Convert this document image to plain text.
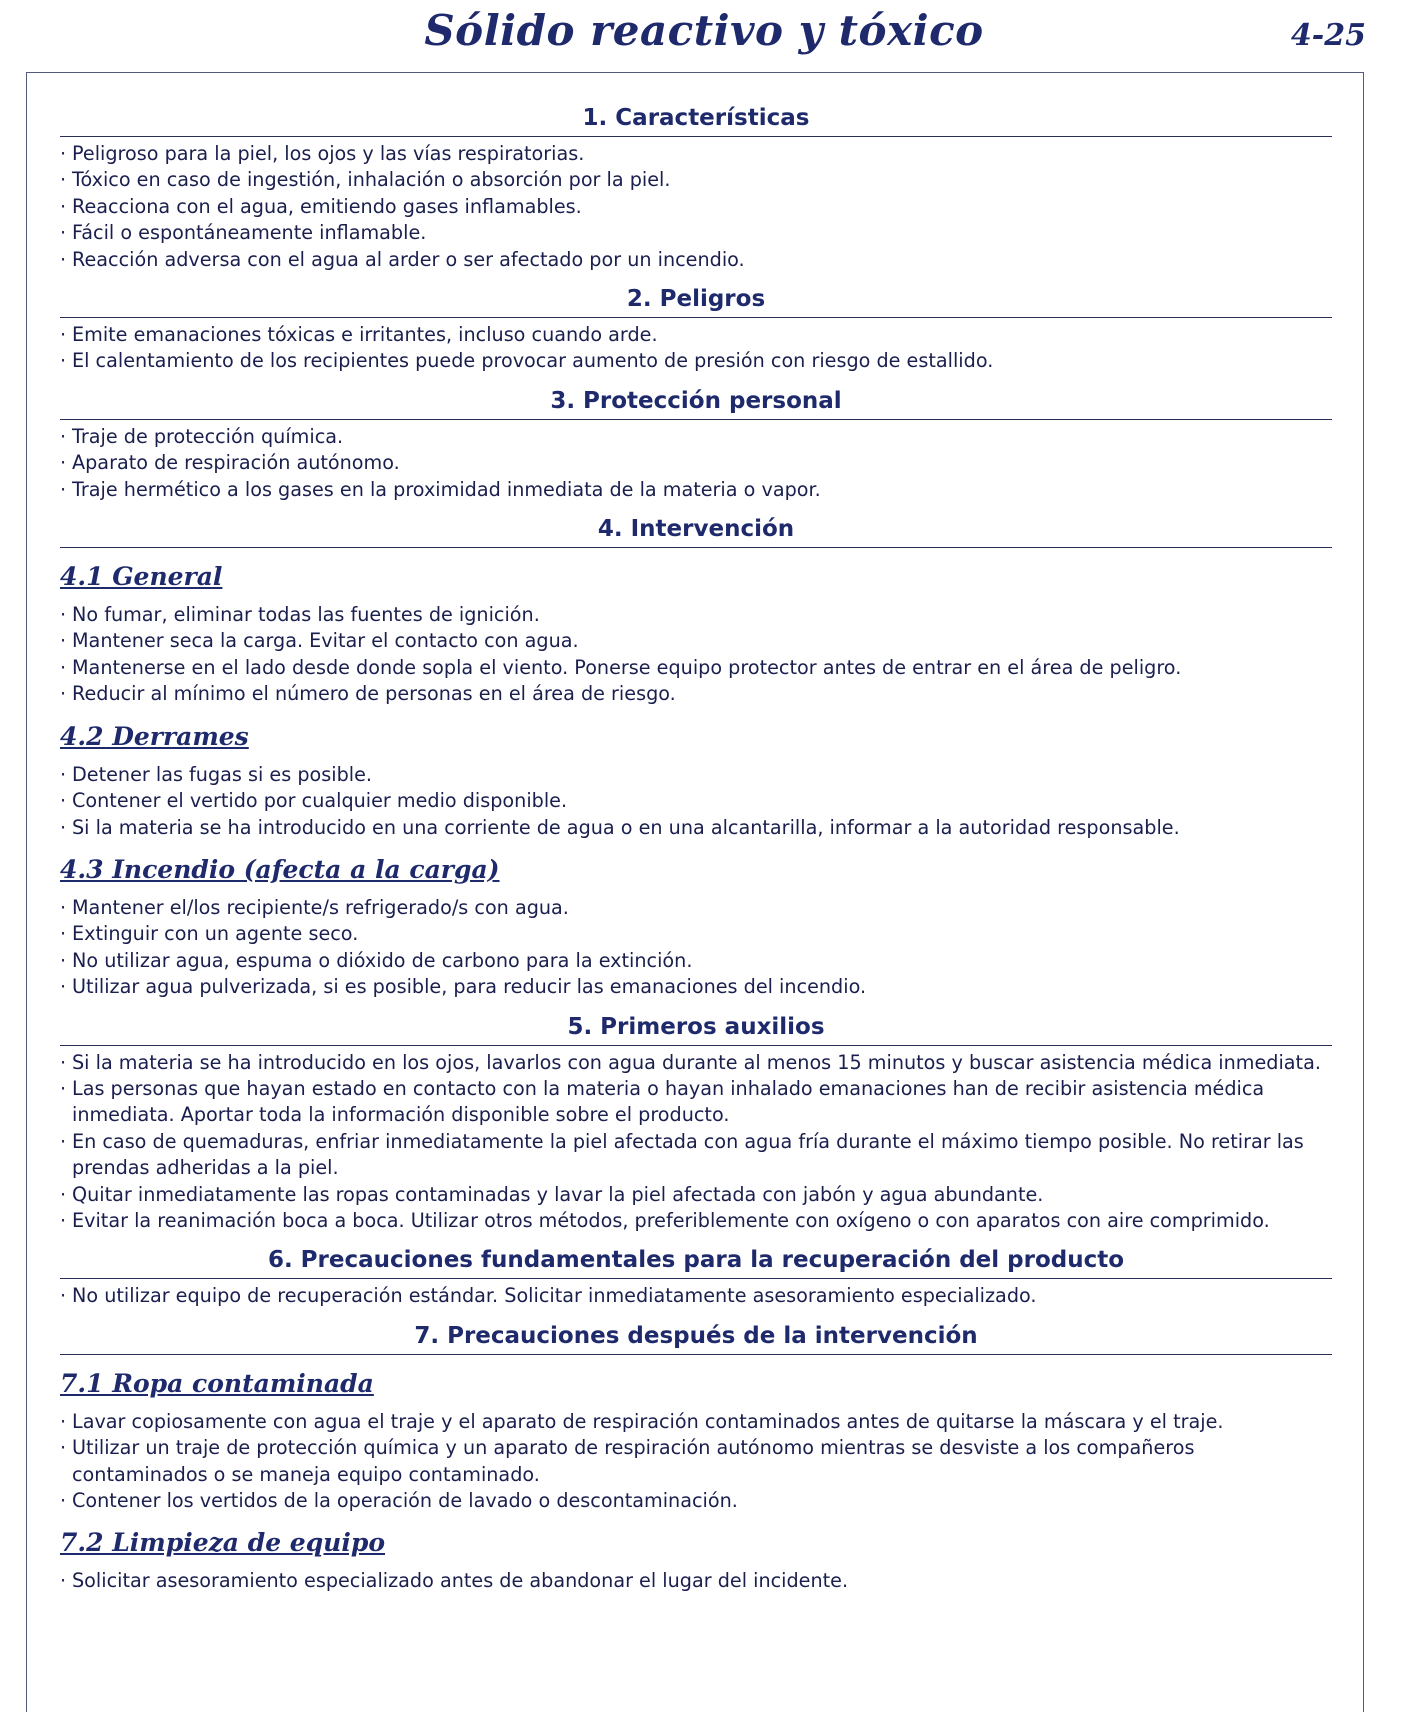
Sólido reactivo y tóxico	4-25
1. Características
· Peligroso para la piel, los ojos y las vías respiratorias.
· Tóxico en caso de ingestión, inhalación o absorción por la piel.
· Reacciona con el agua, emitiendo gases inflamables.
· Fácil o espontáneamente inflamable.
· Reacción adversa con el agua al arder o ser afectado por un incendio.
2. Peligros
· Emite emanaciones tóxicas e irritantes, incluso cuando arde.
· El calentamiento de los recipientes puede provocar aumento de presión con riesgo de estallido.
3. Protección personal
· Traje de protección química.
· Aparato de respiración autónomo.
· Traje hermético a los gases en la proximidad inmediata de la materia o vapor.
4. Intervención
4.1 General
· No fumar, eliminar todas las fuentes de ignición.
· Mantener seca la carga. Evitar el contacto con agua.
· Mantenerse en el lado desde donde sopla el viento. Ponerse equipo protector antes de entrar en el área de peligro.
· Reducir al mínimo el número de personas en el área de riesgo.
4.2 Derrames
· Detener las fugas si es posible.
· Contener el vertido por cualquier medio disponible.
· Si la materia se ha introducido en una corriente de agua o en una alcantarilla, informar a la autoridad responsable.
4.3 Incendio (afecta a la carga)
· Mantener el/los recipiente/s refrigerado/s con agua.
· Extinguir con un agente seco.
· No utilizar agua, espuma o dióxido de carbono para la extinción.
· Utilizar agua pulverizada, si es posible, para reducir las emanaciones del incendio.
5. Primeros auxilios
· Si la materia se ha introducido en los ojos, lavarlos con agua durante al menos 15 minutos y buscar asistencia médica inmediata.
· Las personas que hayan estado en contacto con la materia o hayan inhalado emanaciones han de recibir asistencia médica inmediata. Aportar toda la información disponible sobre el producto.
· En caso de quemaduras, enfriar inmediatamente la piel afectada con agua fría durante el máximo tiempo posible. No retirar las prendas adheridas a la piel.
· Quitar inmediatamente las ropas contaminadas y lavar la piel afectada con jabón y agua abundante.
· Evitar la reanimación boca a boca. Utilizar otros métodos, preferiblemente con oxígeno o con aparatos con aire comprimido.
6. Precauciones fundamentales para la recuperación del producto
· No utilizar equipo de recuperación estándar. Solicitar inmediatamente asesoramiento especializado.
7. Precauciones después de la intervención
7.1 Ropa contaminada
· Lavar copiosamente con agua el traje y el aparato de respiración contaminados antes de quitarse la máscara y el traje.
· Utilizar un traje de protección química y un aparato de respiración autónomo mientras se desviste a los compañeros contaminados o se maneja equipo contaminado.
· Contener los vertidos de la operación de lavado o descontaminación.
7.2 Limpieza de equipo
· Solicitar asesoramiento especializado antes de abandonar el lugar del incidente.
